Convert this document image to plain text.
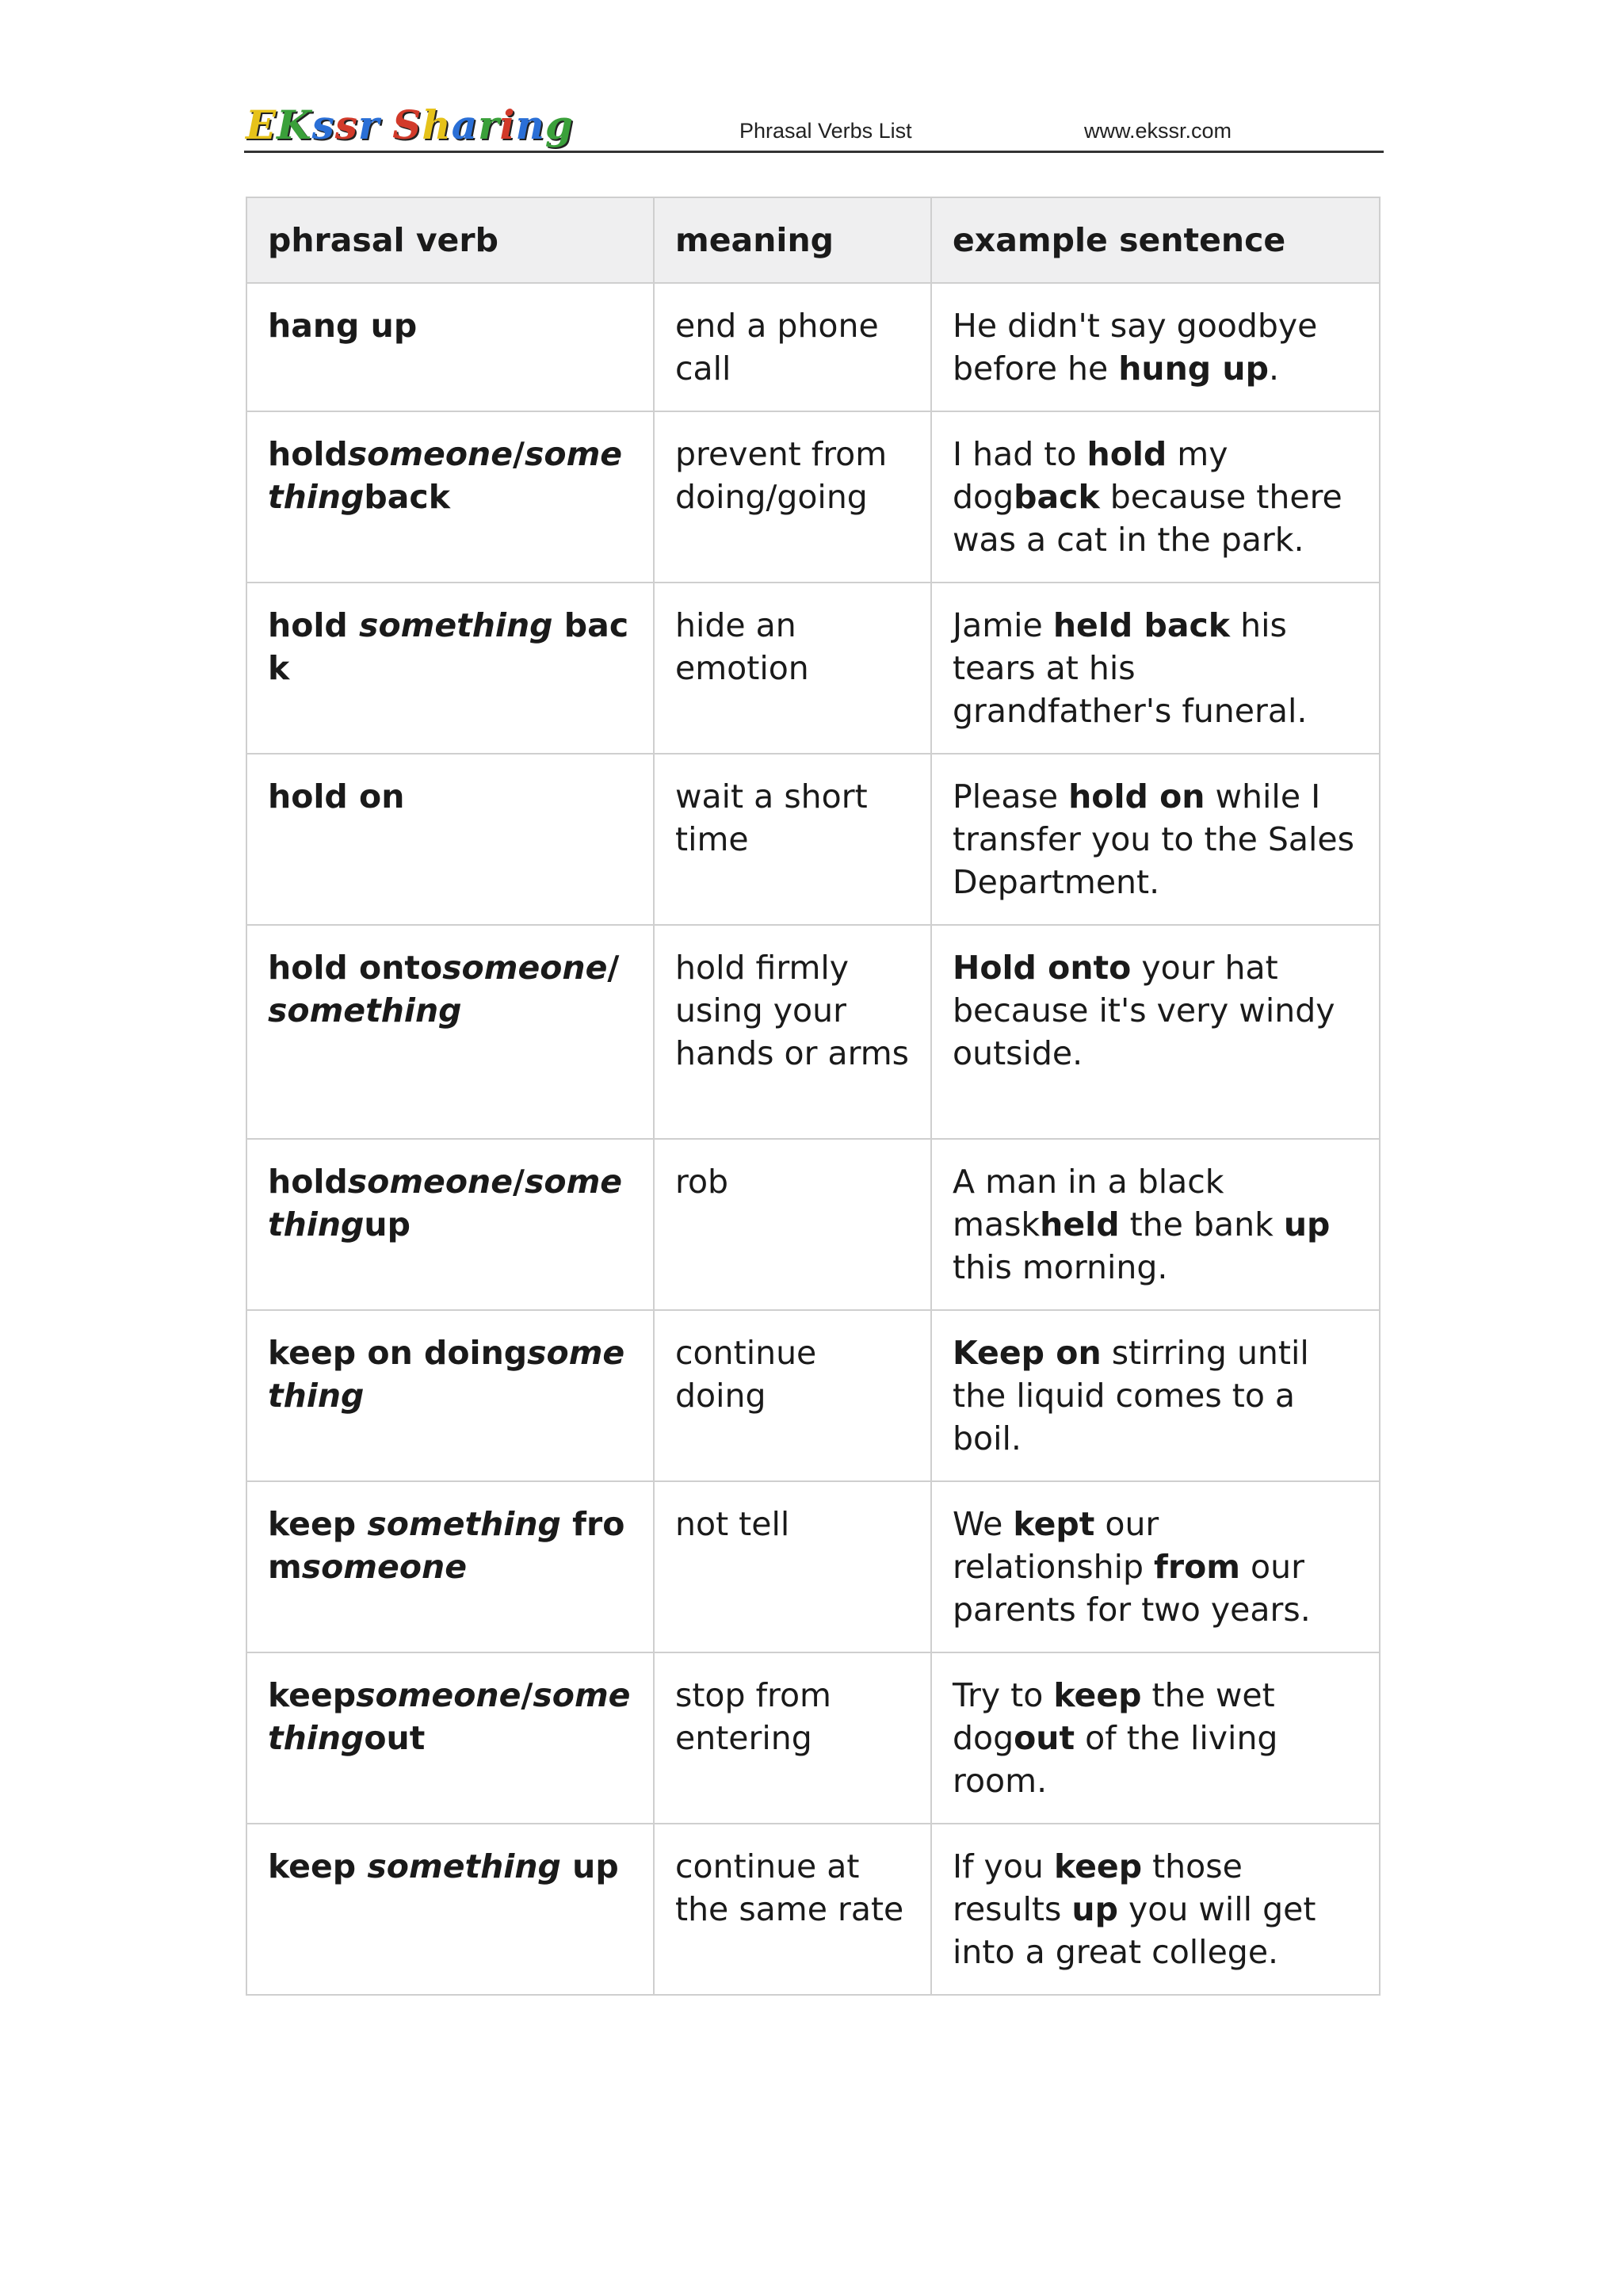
EKssr Sharing	Phrasal Verbs List	www.ekssr.com
phrasal verb	meaning	example sentence
hang up	end a phone call	He didn't say goodbye before he hung up.
holdsomeone/somethingback	prevent from doing/going	I had to hold my dogback because there was a cat in the park.
hold something back	hide an emotion	Jamie held back his tears at his grandfather's funeral.
hold on	wait a short time	Please hold on while I transfer you to the Sales Department.
hold ontosomeone/something	hold firmly using your hands or arms	Hold onto your hat because it's very windy outside.
holdsomeone/somethingup	rob	A man in a black maskheld the bank up this morning.
keep on doingsomething	continue doing	Keep on stirring until the liquid comes to a boil.
keep something fromsomeone	not tell	We kept our relationship from our parents for two years.
keepsomeone/somethingout	stop from entering	Try to keep the wet dogout of the living room.
keep something up	continue at the same rate	If you keep those results up you will get into a great college.
